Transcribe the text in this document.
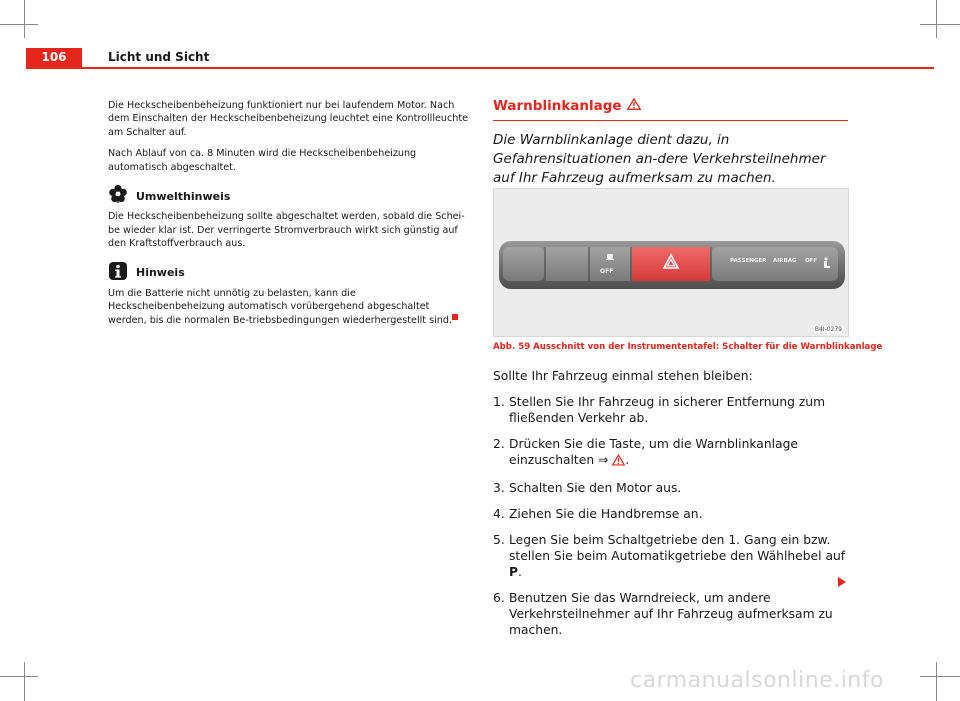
106	Licht und Sicht

Die Heckscheibenbeheizung funktioniert nur bei laufendem Motor. Nach dem Einschalten der Heckscheibenbeheizung leuchtet eine Kontrollleuchte am Schalter auf.

Nach Ablauf von ca. 8 Minuten wird die Heckscheibenbeheizung automatisch abgeschaltet.

Umwelthinweis

Die Heckscheibenbeheizung sollte abgeschaltet werden, sobald die Schei-be wieder klar ist. Der verringerte Stromverbrauch wirkt sich günstig auf den Kraftstoffverbrauch aus.

Hinweis

Um die Batterie nicht unnötig zu belasten, kann die Heckscheibenbeheizung automatisch vorübergehend abgeschaltet werden, bis die normalen Be-triebsbedingungen wiederhergestellt sind.

Warnblinkanlage
Die Warnblinkanlage dient dazu, in Gefahrensituationen an-dere Verkehrsteilnehmer auf Ihr Fahrzeug aufmerksam zu machen.
OFF
PASSENGER AIRBAG OFF
B4I-0279
Abb. 59 Ausschnitt von der Instrumententafel: Schalter für die Warnblinkanlage

Sollte Ihr Fahrzeug einmal stehen bleiben:

1. Stellen Sie Ihr Fahrzeug in sicherer Entfernung zum fließenden Verkehr ab.
2. Drücken Sie die Taste, um die Warnblinkanlage einzuschalten ⇒ .
3. Schalten Sie den Motor aus.
4. Ziehen Sie die Handbremse an.
5. Legen Sie beim Schaltgetriebe den 1. Gang ein bzw. stellen Sie beim Automatikgetriebe den Wählhebel auf P.
6. Benutzen Sie das Warndreieck, um andere Verkehrsteilnehmer auf Ihr Fahrzeug aufmerksam zu machen.
carmanualsonline.info
